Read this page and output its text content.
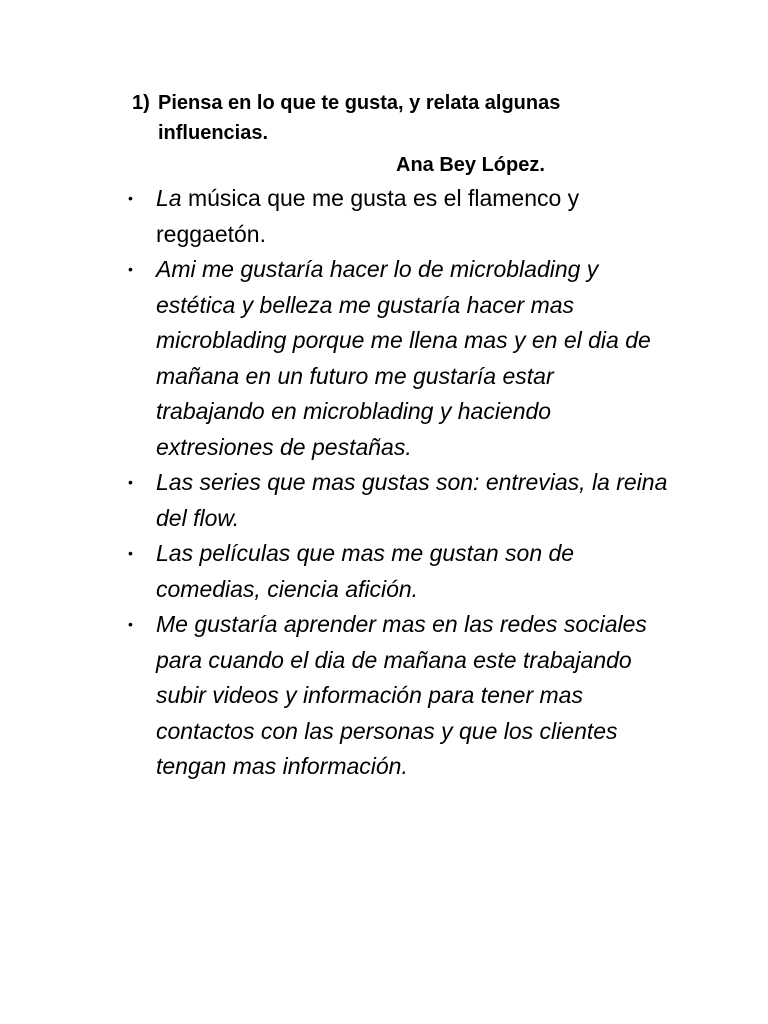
1) Piensa en lo que te gusta, y relata algunas influencias.
Ana Bey López.
• La música que me gusta es el flamenco y reggaetón.
• Ami me gustaría hacer lo de microblading y estética y belleza me gustaría hacer mas microblading porque me llena mas y en el dia de mañana en un futuro me gustaría estar trabajando en microblading y haciendo extresiones de pestañas.
• Las series que mas gustas son: entrevias, la reina del flow.
• Las películas que mas me gustan son de comedias, ciencia afición.
• Me gustaría aprender mas en las redes sociales para cuando el dia de mañana este trabajando subir videos y información para tener mas contactos con las personas y que los clientes tengan mas información.
